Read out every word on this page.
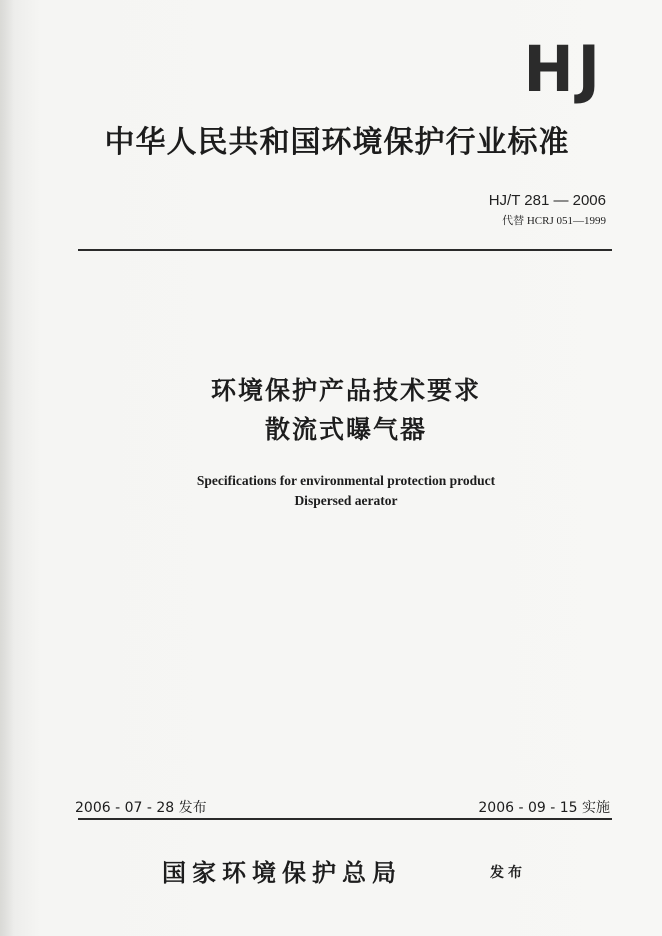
HJ
中华人民共和国环境保护行业标准
HJ/T 281 — 2006
代替 HCRJ 051—1999
环境保护产品技术要求
散流式曝气器
Specifications for environmental protection product
Dispersed aerator
2006 - 07 - 28 发布	2006 - 09 - 15 实施
国家环境保护总局	发布
